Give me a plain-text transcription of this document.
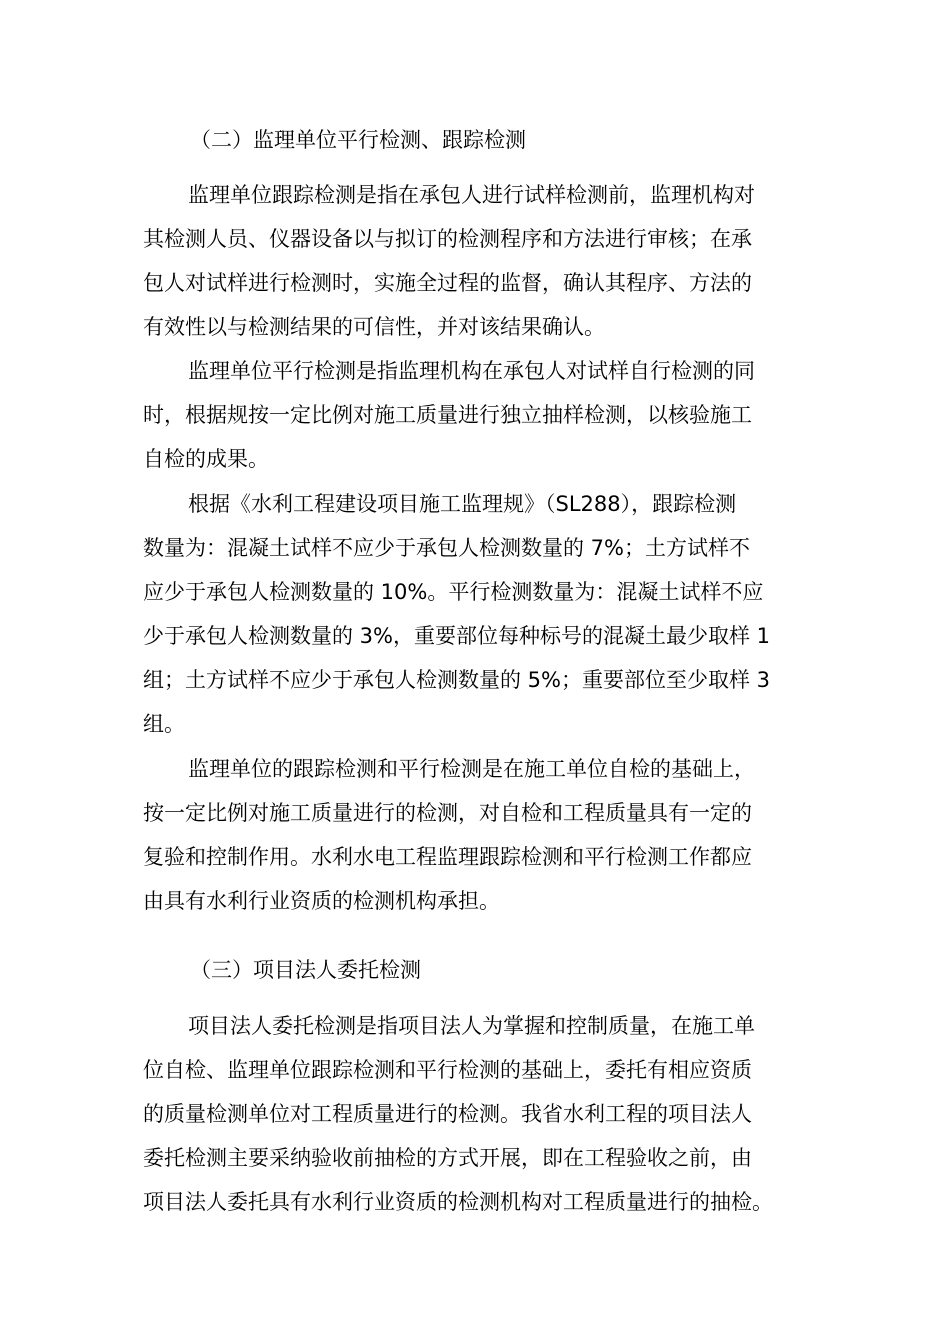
（二）监理单位平行检测、跟踪检测

监理单位跟踪检测是指在承包人进行试样检测前，监理机构对

其检测人员、仪器设备以与拟订的检测程序和方法进行审核；在承

包人对试样进行检测时，实施全过程的监督，确认其程序、方法的

有效性以与检测结果的可信性，并对该结果确认。

监理单位平行检测是指监理机构在承包人对试样自行检测的同

时，根据规按一定比例对施工质量进行独立抽样检测，以核验施工

自检的成果。

根据《水利工程建设项目施工监理规》（SL288），跟踪检测

数量为：混凝土试样不应少于承包人检测数量的 7%；土方试样不

应少于承包人检测数量的 10%。平行检测数量为：混凝土试样不应

少于承包人检测数量的 3%，重要部位每种标号的混凝土最少取样 1

组；土方试样不应少于承包人检测数量的 5%；重要部位至少取样 3

组。

监理单位的跟踪检测和平行检测是在施工单位自检的基础上，

按一定比例对施工质量进行的检测，对自检和工程质量具有一定的

复验和控制作用。水利水电工程监理跟踪检测和平行检测工作都应

由具有水利行业资质的检测机构承担。

（三）项目法人委托检测

项目法人委托检测是指项目法人为掌握和控制质量，在施工单

位自检、监理单位跟踪检测和平行检测的基础上，委托有相应资质

的质量检测单位对工程质量进行的检测。我省水利工程的项目法人

委托检测主要采纳验收前抽检的方式开展，即在工程验收之前，由

项目法人委托具有水利行业资质的检测机构对工程质量进行的抽检。
